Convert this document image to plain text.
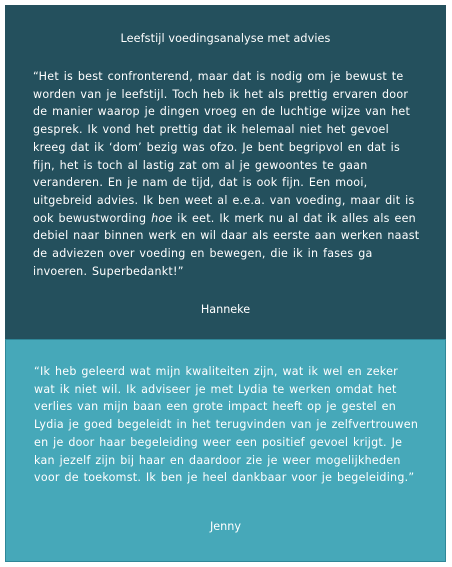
Leefstijl voedingsanalyse met advies
“Het is best confronterend, maar dat is nodig om je bewust te
worden van je leefstijl. Toch heb ik het als prettig ervaren door
de manier waarop je dingen vroeg en de luchtige wijze van het
gesprek. Ik vond het prettig dat ik helemaal niet het gevoel
kreeg dat ik ‘dom’ bezig was ofzo. Je bent begripvol en dat is
fijn, het is toch al lastig zat om al je gewoontes te gaan
veranderen. En je nam de tijd, dat is ook fijn. Een mooi,
uitgebreid advies. Ik ben weet al e.e.a. van voeding, maar dit is
ook bewustwording hoe ik eet. Ik merk nu al dat ik alles als een
debiel naar binnen werk en wil daar als eerste aan werken naast
de adviezen over voeding en bewegen, die ik in fases ga
invoeren. Superbedankt!”
Hanneke
“Ik heb geleerd wat mijn kwaliteiten zijn, wat ik wel en zeker
wat ik niet wil. Ik adviseer je met Lydia te werken omdat het
verlies van mijn baan een grote impact heeft op je gestel en
Lydia je goed begeleidt in het terugvinden van je zelfvertrouwen
en je door haar begeleiding weer een positief gevoel krijgt. Je
kan jezelf zijn bij haar en daardoor zie je weer mogelijkheden
voor de toekomst. Ik ben je heel dankbaar voor je begeleiding.”
Jenny
